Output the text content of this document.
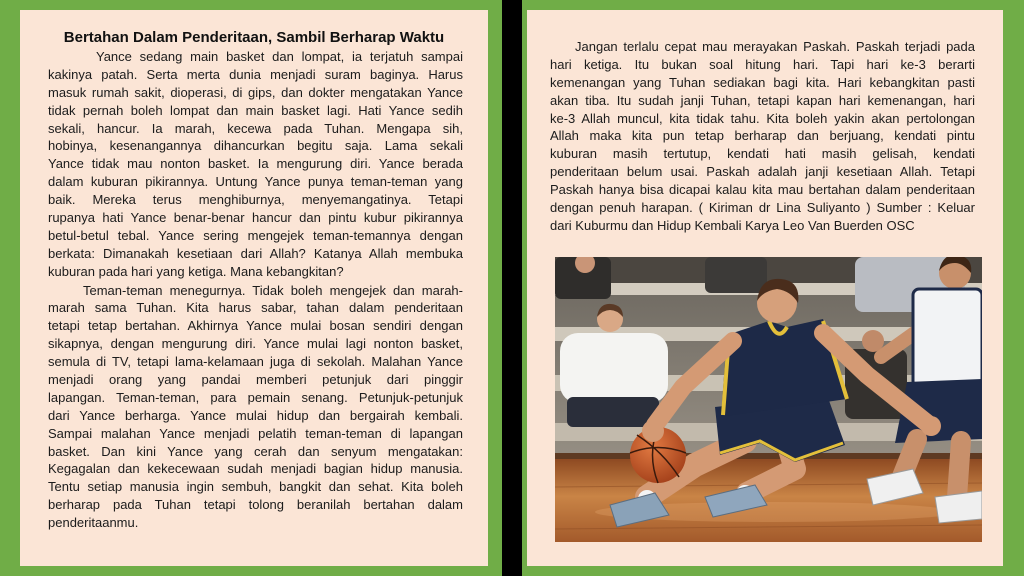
Bertahan Dalam Penderitaan, Sambil Berharap Waktu
Yance sedang main basket dan lompat, ia terjatuh sampai
kakinya patah. Serta merta dunia menjadi suram baginya. Harus
masuk rumah sakit, dioperasi, di gips, dan dokter mengatakan Yance
tidak pernah boleh lompat dan main basket lagi. Hati Yance sedih
sekali, hancur. Ia marah, kecewa pada Tuhan. Mengapa sih,
hobinya, kesenangannya dihancurkan begitu saja. Lama sekali
Yance tidak mau nonton basket. Ia mengurung diri. Yance berada
dalam kuburan pikirannya. Untung Yance punya teman-teman yang
baik. Mereka terus menghiburnya, menyemangatinya. Tetapi
rupanya hati Yance benar-benar hancur dan pintu kubur pikirannya
betul-betul tebal. Yance sering mengejek teman-temannya dengan
berkata: Dimanakah kesetiaan dari Allah? Katanya Allah membuka
kuburan pada hari yang ketiga. Mana kebangkitan?
Teman-teman menegurnya. Tidak boleh mengejek dan marah-
marah sama Tuhan. Kita harus sabar, tahan dalam penderitaan
tetapi tetap bertahan. Akhirnya Yance mulai bosan sendiri dengan
sikapnya, dengan mengurung diri. Yance mulai lagi nonton basket,
semula di TV, tetapi lama-kelamaan juga di sekolah. Malahan Yance
menjadi orang yang pandai memberi petunjuk dari pinggir
lapangan. Teman-teman, para pemain senang. Petunjuk-petunjuk
dari Yance berharga. Yance mulai hidup dan bergairah kembali.
Sampai malahan Yance menjadi pelatih teman-teman di lapangan
basket. Dan kini Yance yang cerah dan senyum mengatakan:
Kegagalan dan kekecewaan sudah menjadi bagian hidup manusia.
Tentu setiap manusia ingin sembuh, bangkit dan sehat. Kita boleh
berharap pada Tuhan tetapi tolong beranilah bertahan dalam
penderitaanmu.
Jangan terlalu cepat mau merayakan Paskah. Paskah terjadi pada
hari ketiga. Itu bukan soal hitung hari. Tapi hari ke-3 berarti
kemenangan yang Tuhan sediakan bagi kita. Hari kebangkitan pasti
akan tiba. Itu sudah janji Tuhan, tetapi kapan hari kemenangan, hari
ke-3 Allah muncul, kita tidak tahu. Kita boleh yakin akan pertolongan
Allah maka kita pun tetap berharap dan berjuang, kendati pintu
kuburan masih tertutup, kendati hati masih gelisah, kendati
penderitaan belum usai. Paskah adalah janji kesetiaan Allah. Tetapi
Paskah hanya bisa dicapai kalau kita mau bertahan dalam penderitaan
dengan penuh harapan. ( Kiriman dr Lina Suliyanto ) Sumber : Keluar
dari Kuburmu dan Hidup Kembali Karya Leo Van Buerden OSC
